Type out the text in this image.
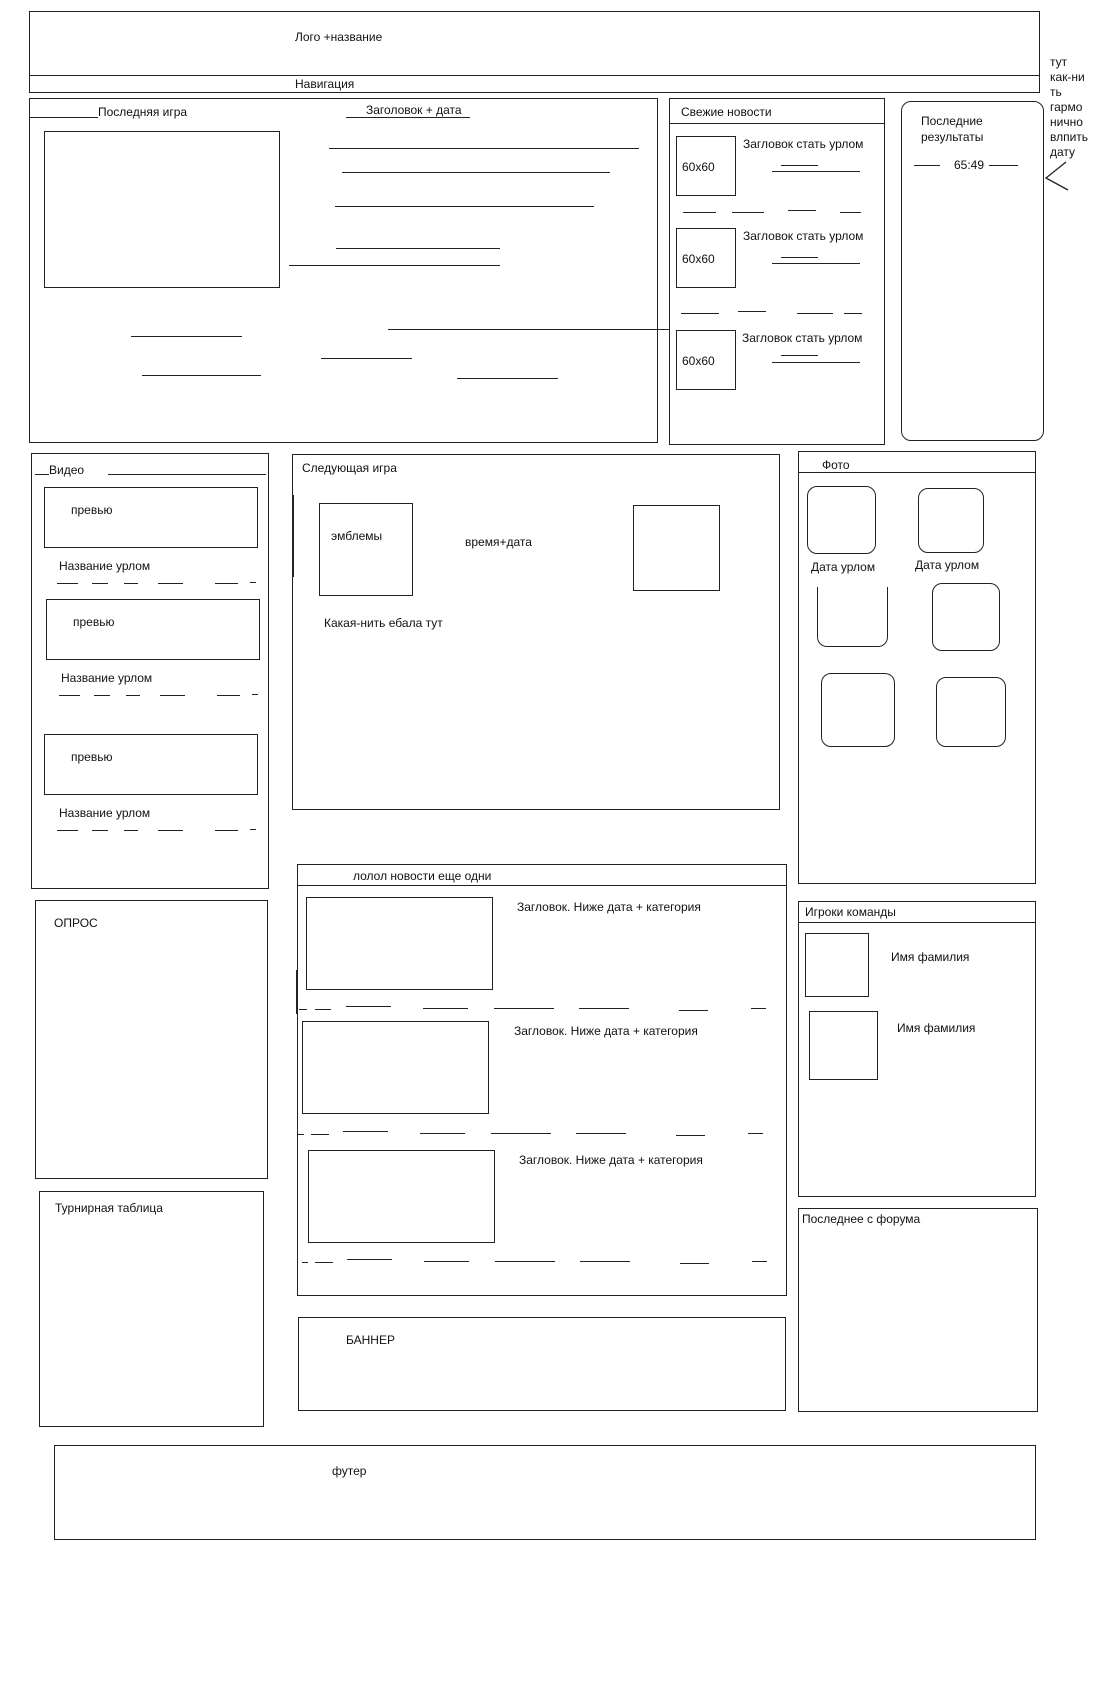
Лого +название
Навигация
тут
как-ни
ть
гармо
нично
влпить
дату
Последняя игра	Заголовок + дата	Свежие новости
60x60
Загловок стать урлом
60x60
Загловок стать урлом
60x60
Загловок стать урлом
Последние
результаты
65:49
Видео
превью
Название урлом
превью
Название урлом
превью
Название урлом
Следующая игра
эмблемы	время+дата
Какая-нить ебала тут
Фото
Дата урлом	Дата урлом
ОПРОС
лолол новости еще одни
Загловок. Ниже дата + категория
Загловок. Ниже дата + категория
Загловок. Ниже дата + категория
Игроки команды
Имя фамилия
Имя фамилия
Турнирная таблица
БАННЕР
Последнее с форума
футер
